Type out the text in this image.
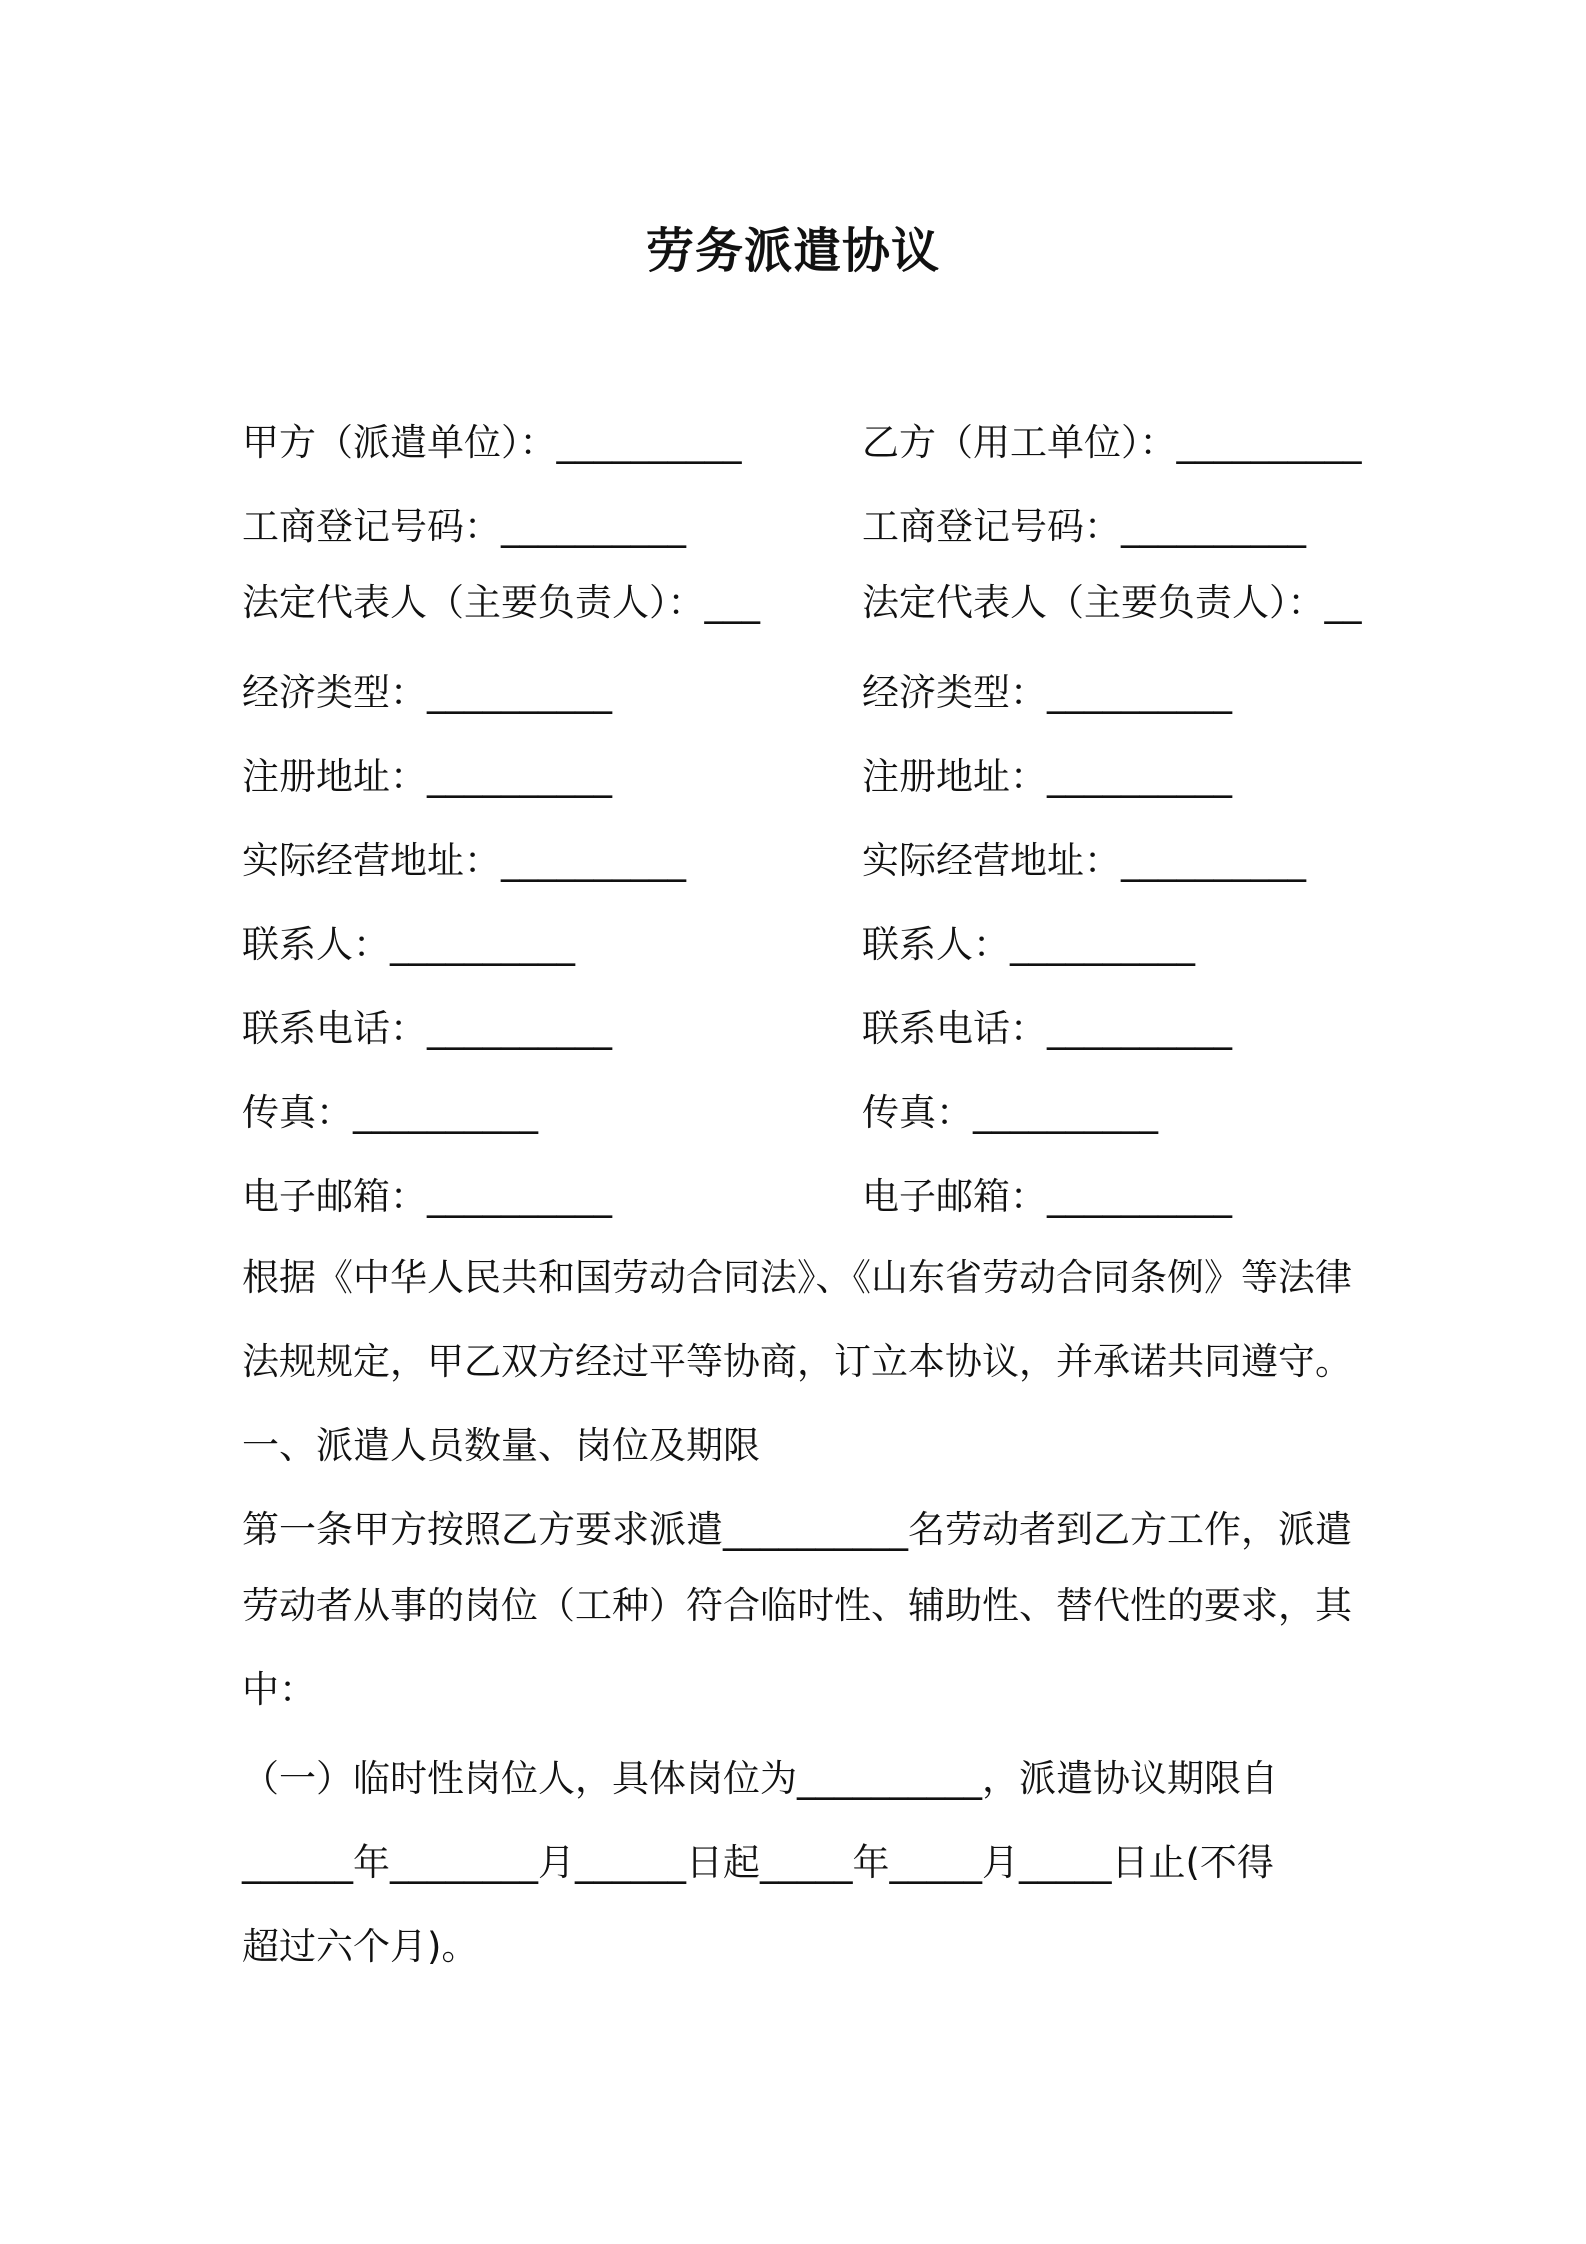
劳务派遣协议
甲方（派遣单位）：__________	乙方（用工单位）：__________
工商登记号码：__________	工商登记号码：__________
法定代表人（主要负责人）：___	法定代表人（主要负责人）：__
经济类型：__________	经济类型：__________
注册地址：__________	注册地址：__________
实际经营地址：__________	实际经营地址：__________
联系人：__________	联系人：__________
联系电话：__________	联系电话：__________
传真：__________	传真：__________
电子邮箱：__________	电子邮箱：__________
根据《中华人民共和国劳动合同法》、《山东省劳动合同条例》等法律
法规规定，甲乙双方经过平等协商，订立本协议，并承诺共同遵守。
一、派遣人员数量、岗位及期限
第一条甲方按照乙方要求派遣__________名劳动者到乙方工作，派遣
劳动者从事的岗位（工种）符合临时性、辅助性、替代性的要求，其
中：
（一）临时性岗位人，具体岗位为__________，派遣协议期限自
______年________月______日起_____年_____月_____日止(不得
超过六个月)。
